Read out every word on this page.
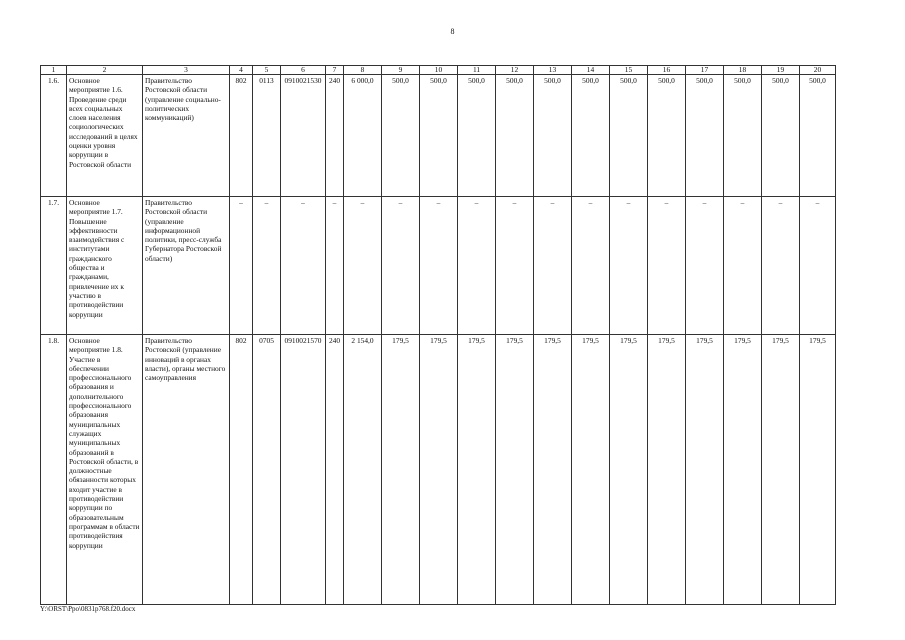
8
1	2	3	4	5	6	7	8	9	10	11	12	13	14	15	16	17	18	19	20
1.6.	Основное мероприятие 1.6. Проведение среди всех социальных слоев населения социологических исследований в целях оценки уровня коррупции в Ростовской области	Правительство Ростовской области (управление социально-политических коммуникаций)	802	0113	0910021530	240	6 000,0	500,0	500,0	500,0	500,0	500,0	500,0	500,0	500,0	500,0	500,0	500,0	500,0
1.7.	Основное мероприятие 1.7. Повышение эффективности взаимодействия с институтами гражданского общества и гражданами, привлечение их к участию в противодействии коррупции	Правительство Ростовской области (управление информационной политики, пресс-служба Губернатора Ростовской области)	–	–	–	–	–	–	–	–	–	–	–	–	–	–	–	–	–
1.8.	Основное мероприятие 1.8. Участие в обеспечении профессионального образования и дополнительного профессионального образования муниципальных служащих муниципальных образований в Ростовской области, в должностные обязанности которых входит участие в противодействии коррупции по образовательным программам в области противодействия коррупции	Правительство Ростовской (управление инноваций в органах власти), органы местного самоуправления	802	0705	0910021570	240	2 154,0	179,5	179,5	179,5	179,5	179,5	179,5	179,5	179,5	179,5	179,5	179,5	179,5
Y:\ORST\Ppo\0831p768.f20.docx
